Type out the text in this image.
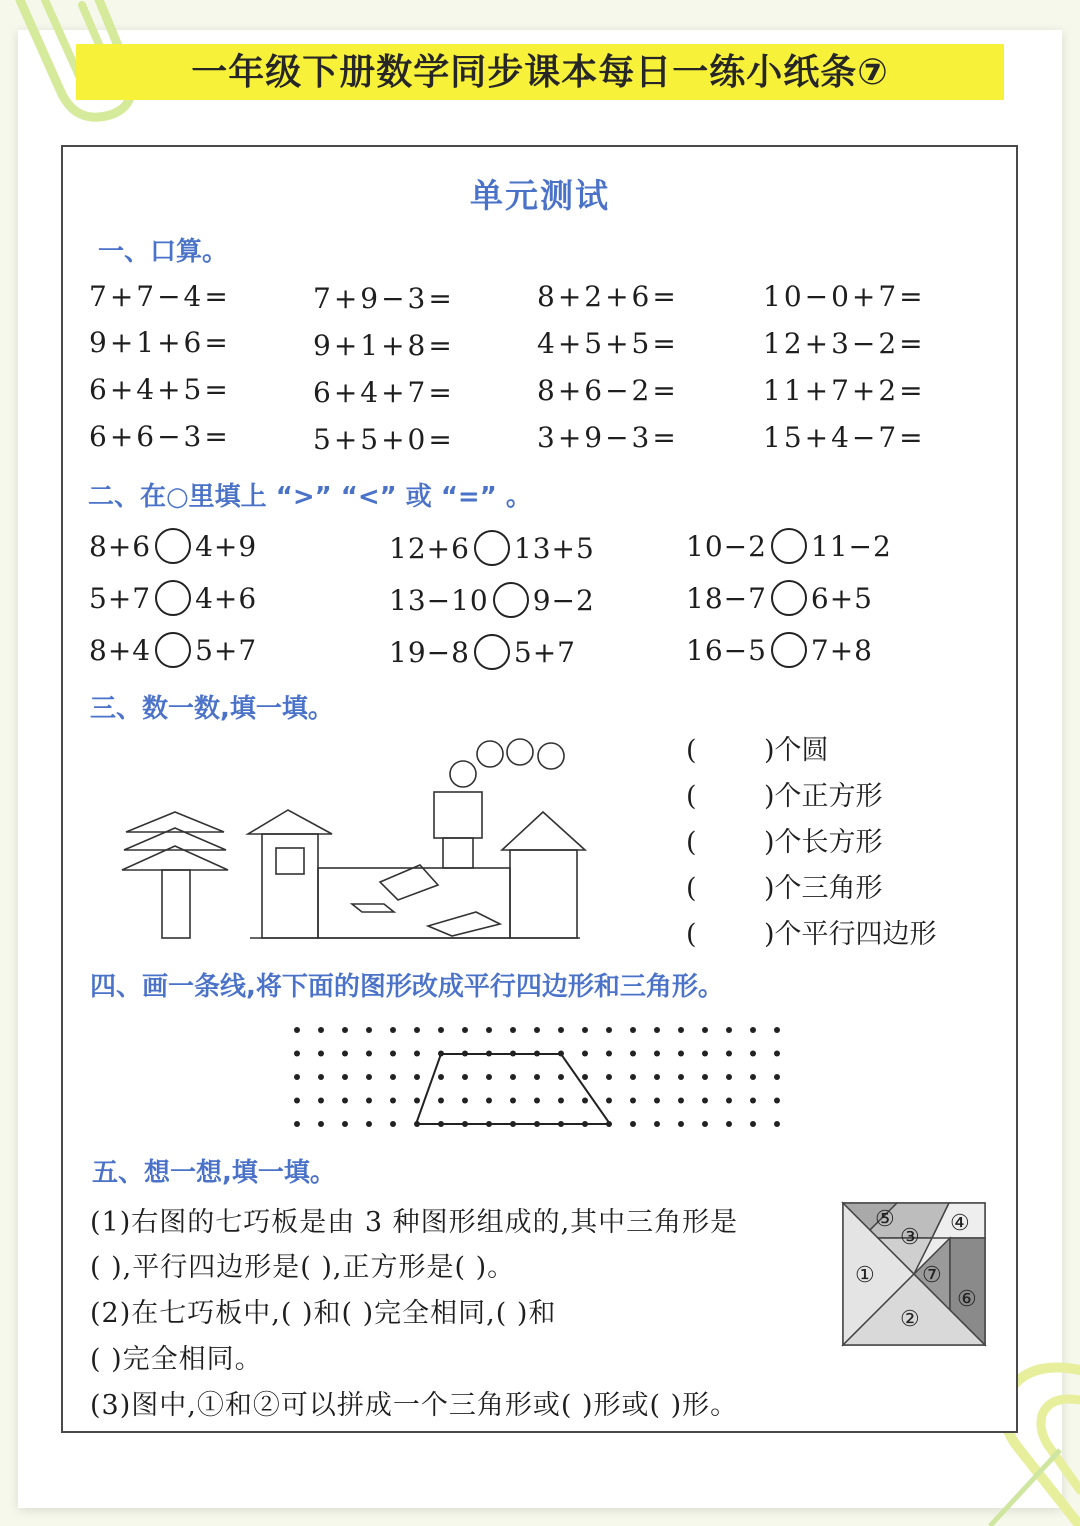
一年级下册数学同步课本每日一练小纸条⑦
单元测试
一、口算。
7+7−4=	7+9−3=	8+2+6=	10−0+7=
9+1+6=	9+1+8=	4+5+5=	12+3−2=
6+4+5=	6+4+7=	8+6−2=	11+7+2=
6+6−3=	5+5+0=	3+9−3=	15+4−7=
二、在○里填上 “>” “<” 或 “=” 。
8+6 4+9	12+6 13+5	10−2 11−2
5+7 4+6	13−10 9−2	18−7 6+5
8+4 5+7	19−8 5+7	16−5 7+8
三、数一数,填一填。
( )个圆
( )个正方形
( )个长方形
( )个三角形
( )个平行四边形
四、画一条线,将下面的图形改成平行四边形和三角形。
五、想一想,填一填。
(1)右图的七巧板是由 3 种图形组成的,其中三角形是
( ),平行四边形是( ),正方形是( )。
(2)在七巧板中,( )和( )完全相同,( )和
( )完全相同。
(3)图中,①和②可以拼成一个三角形或( )形或( )形。
⑤
③
④
① ⑦
⑥
②
